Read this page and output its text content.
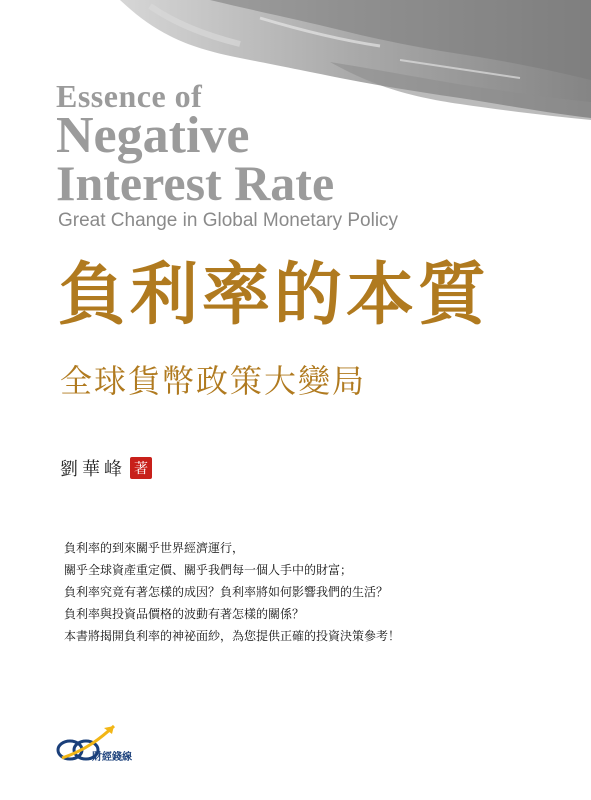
Essence of
Negative
Interest Rate
Great Change in Global Monetary Policy
負利率的本質
全球貨幣政策大變局
劉華峰 著
負利率的到來關乎世界經濟運行，
關乎全球資產重定價、關乎我們每一個人手中的財富；
負利率究竟有著怎樣的成因？負利率將如何影響我們的生活？
負利率與投資品價格的波動有著怎樣的關係？
本書將揭開負利率的神祕面紗，為您提供正確的投資決策參考！
財經錢線
